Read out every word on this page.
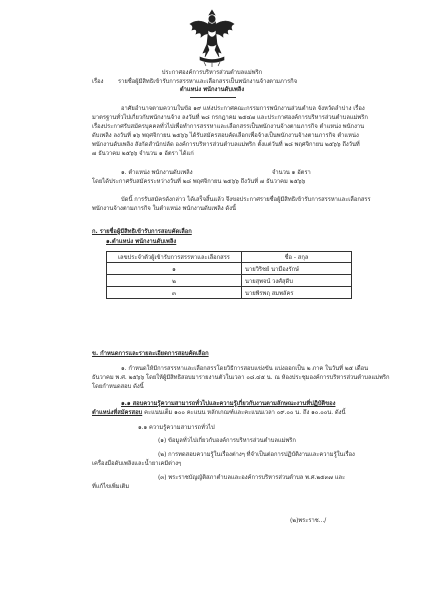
ประกาศองค์การบริหารส่วนตำบลแม่พริก
เรื่อง	รายชื่อผู้มีสิทธิเข้ารับการสรรหาและเลือกสรรเป็นพนักงานจ้างตามภารกิจ
ตำแหน่ง พนักงานดับเพลิง
อาศัยอำนาจตามความในข้อ ๑๙ แห่งประกาศคณะกรรมการพนักงานส่วนตำบล จังหวัดลำปาง เรื่อง
มาตรฐานทั่วไปเกี่ยวกับพนักงานจ้าง ลงวันที่ ๒๘ กรกฎาคม ๒๕๔๗ และประกาศองค์การบริหารส่วนตำบลแม่พริก
เรื่องประกาศรับสมัครบุคคลทั่วไปเพื่อทำการสรรหาและเลือกสรรเป็นพนักงานจ้างตามภารกิจ ตำแหน่ง พนักงาน
ดับเพลิง ลงวันที่ ๑๖ พฤศจิกายน ๒๕๖๖ ได้รับสมัครสอบคัดเลือกเพื่อจ้างเป็นพนักงานจ้างตามภารกิจ ตำแหน่ง
พนักงานดับเพลิง สังกัดสำนักปลัด องค์การบริหารส่วนตำบลแม่พริก ตั้งแต่วันที่ ๒๘ พฤศจิกายน ๒๕๖๖ ถึงวันที่
๗ ธันวาคม ๒๕๖๖ จำนวน ๑ อัตรา ได้แก่
๑. ตำแหน่ง พนักงานดับเพลิง	จำนวน ๑ อัตรา
โดยได้ประกาศรับสมัครระหว่างวันที่ ๒๘ พฤศจิกายน ๒๕๖๖ ถึงวันที่ ๗ ธันวาคม ๒๕๖๖
บัดนี้ การรับสมัครดังกล่าว ได้เสร็จสิ้นแล้ว จึงขอประกาศรายชื่อผู้มีสิทธิเข้ารับการสรรหาและเลือกสรร
พนักงานจ้างตามภารกิจ ในตำแหน่ง พนักงานดับเพลิง ดังนี้
ก. รายชื่อผู้มีสิทธิเข้ารับการสอบคัดเลือก
๑.ตำแหน่ง พนักงานดับเพลิง
เลขประจำตัวผู้เข้ารับการสรรหาและเลือกสรร	ชื่อ - สกุล
๑	นายวิริชย์ นามืองรักษ์
๒	นายสุพจน์ วงศ์สุดีบ
๓	นายพีรพฤ สมพลัคร
ข. กำหนดการและรายละเอียดการสอบคัดเลือก
๑. กำหนดให้มีการสรรหาและเลือกสรรโดยวิธีการสอบแข่งขัน แบ่งออกเป็น ๒ ภาค ในวันที่ ๒๕ เดือน
ธันวาคม พ.ศ. ๒๕๖๖ โดยให้ผู้มีสิทธิสอบมารายงานตัวในเวลา ๐๘.๔๕ น. ณ ห้องประชุมองค์การบริหารส่วนตำบลแม่พริก
โดยกำหนดสอบ ดังนี้
๑.๑ สอบความรู้ความสามารถทั่วไปและความรู้เกี่ยวกับงานตามลักษณะงานที่ปฏิบัติของ
ตำแหน่งที่สมัครสอบ คะแนนเต็ม ๑๐๐ คะแนน หลักเกณฑ์และคะแนนเวลา ๐๙.๐๐ น. ถึง ๑๐.๐๐น. ดังนี้
๑.๑ ความรู้ความสามารถทั่วไป
(๑) ข้อมูลทั่วไปเกี่ยวกับองค์การบริหารส่วนตำบลแม่พริก
(๒) การทดสอบความรู้ในเรื่องต่างๆ ที่จำเป็นต่อการปฏิบัติงานและความรู้ในเรื่อง
เครื่องมือดับเพลิงและน้ำยาเคมีต่างๆ
(๓) พระราชบัญญัติสภาตำบลและองค์การบริหารส่วนตำบล พ.ศ.๒๕๓๗ และ
ที่แก้ไขเพิ่มเติม
(๒)พระราช.../
